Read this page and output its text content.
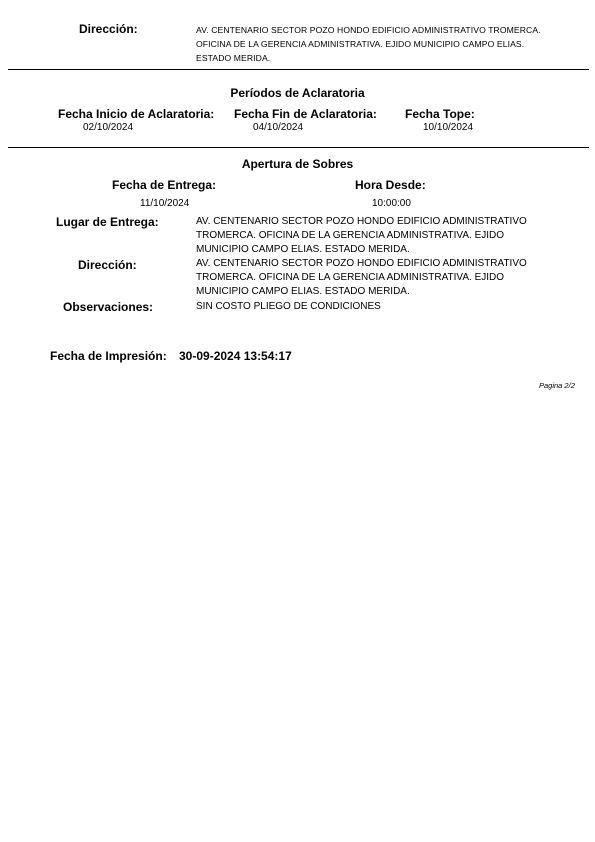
Dirección:	AV. CENTENARIO SECTOR POZO HONDO EDIFICIO ADMINISTRATIVO TROMERCA. OFICINA DE LA GERENCIA ADMINISTRATIVA. EJIDO MUNICIPIO CAMPO ELIAS. ESTADO MERIDA.
Períodos de Aclaratoria
Fecha Inicio de Aclaratoria:
02/10/2024
Fecha Fin de Aclaratoria:
04/10/2024
Fecha Tope:
10/10/2024
Apertura de Sobres
Fecha de Entrega:
11/10/2024
Hora Desde:
10:00:00
Lugar de Entrega:	AV. CENTENARIO SECTOR POZO HONDO EDIFICIO ADMINISTRATIVO TROMERCA. OFICINA DE LA GERENCIA ADMINISTRATIVA. EJIDO MUNICIPIO CAMPO ELIAS. ESTADO MERIDA.
Dirección:	AV. CENTENARIO SECTOR POZO HONDO EDIFICIO ADMINISTRATIVO TROMERCA. OFICINA DE LA GERENCIA ADMINISTRATIVA. EJIDO MUNICIPIO CAMPO ELIAS. ESTADO MERIDA.
Observaciones:	SIN COSTO PLIEGO DE CONDICIONES
Fecha de Impresión: 30-09-2024 13:54:17
Pagina 2/2
